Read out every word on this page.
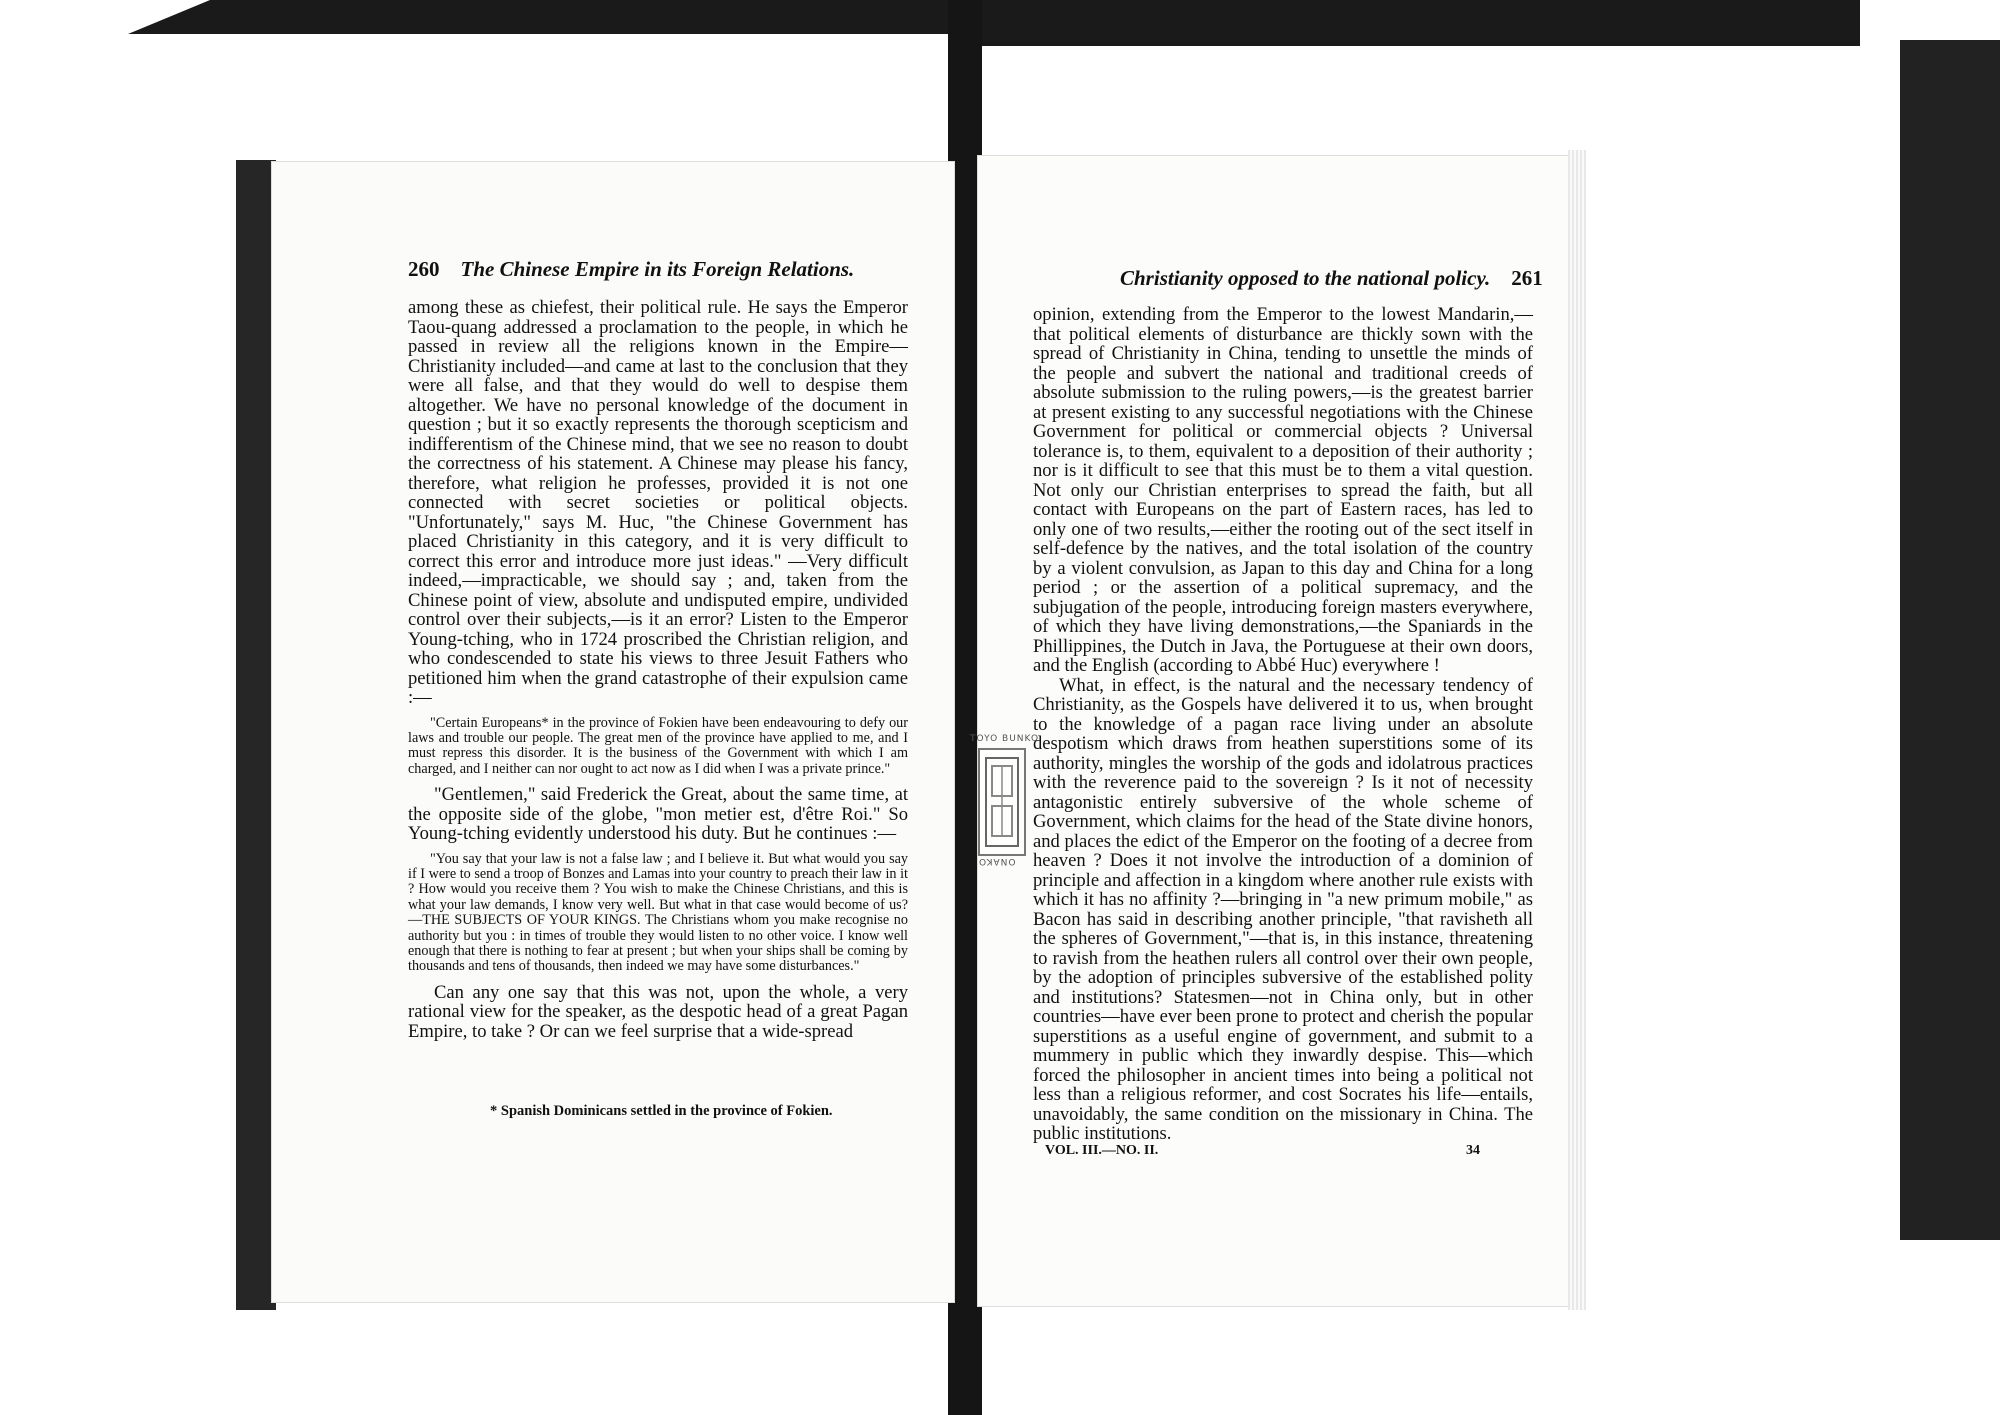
260 The Chinese Empire in its Foreign Relations.

among these as chiefest, their political rule. He says the Emperor Taou-quang addressed a proclamation to the people, in which he passed in review all the religions known in the Empire—Christianity included—and came at last to the conclusion that they were all false, and that they would do well to despise them altogether. We have no personal knowledge of the document in question ; but it so exactly represents the thorough scepticism and indifferentism of the Chinese mind, that we see no reason to doubt the correctness of his statement. A Chinese may please his fancy, therefore, what religion he professes, provided it is not one connected with secret societies or political objects. "Unfortunately," says M. Huc, "the Chinese Government has placed Christianity in this category, and it is very difficult to correct this error and introduce more just ideas." —Very difficult indeed,—impracticable, we should say ; and, taken from the Chinese point of view, absolute and undisputed empire, undivided control over their subjects,—is it an error? Listen to the Emperor Young-tching, who in 1724 proscribed the Christian religion, and who condescended to state his views to three Jesuit Fathers who petitioned him when the grand catastrophe of their expulsion came :—

"Certain Europeans* in the province of Fokien have been endeavouring to defy our laws and trouble our people. The great men of the province have applied to me, and I must repress this disorder. It is the business of the Government with which I am charged, and I neither can nor ought to act now as I did when I was a private prince."

"Gentlemen," said Frederick the Great, about the same time, at the opposite side of the globe, "mon metier est, d'être Roi." So Young-tching evidently understood his duty. But he continues :—

"You say that your law is not a false law ; and I believe it. But what would you say if I were to send a troop of Bonzes and Lamas into your country to preach their law in it ? How would you receive them ? You wish to make the Chinese Christians, and this is what your law demands, I know very well. But what in that case would become of us?—THE SUBJECTS OF YOUR KINGS. The Christians whom you make recognise no authority but you : in times of trouble they would listen to no other voice. I know well enough that there is nothing to fear at present ; but when your ships shall be coming by thousands and tens of thousands, then indeed we may have some disturbances."

Can any one say that this was not, upon the whole, a very rational view for the speaker, as the despotic head of a great Pagan Empire, to take ? Or can we feel surprise that a wide-spread

* Spanish Dominicans settled in the province of Fokien.
Christianity opposed to the national policy. 261

opinion, extending from the Emperor to the lowest Mandarin,—that political elements of disturbance are thickly sown with the spread of Christianity in China, tending to unsettle the minds of the people and subvert the national and traditional creeds of absolute submission to the ruling powers,—is the greatest barrier at present existing to any successful negotiations with the Chinese Government for political or commercial objects ? Universal tolerance is, to them, equivalent to a deposition of their authority ; nor is it difficult to see that this must be to them a vital question. Not only our Christian enterprises to spread the faith, but all contact with Europeans on the part of Eastern races, has led to only one of two results,—either the rooting out of the sect itself in self-defence by the natives, and the total isolation of the country by a violent convulsion, as Japan to this day and China for a long period ; or the assertion of a political supremacy, and the subjugation of the people, introducing foreign masters everywhere, of which they have living demonstrations,—the Spaniards in the Phillippines, the Dutch in Java, the Portuguese at their own doors, and the English (according to Abbé Huc) everywhere !

What, in effect, is the natural and the necessary tendency of Christianity, as the Gospels have delivered it to us, when brought to the knowledge of a pagan race living under an absolute despotism which draws from heathen superstitions some of its authority, mingles the worship of the gods and idolatrous practices with the reverence paid to the sovereign ? Is it not of necessity antagonistic entirely subversive of the whole scheme of Government, which claims for the head of the State divine honors, and places the edict of the Emperor on the footing of a decree from heaven ? Does it not involve the introduction of a dominion of principle and affection in a kingdom where another rule exists with which it has no affinity ?—bringing in "a new primum mobile," as Bacon has said in describing another principle, "that ravisheth all the spheres of Government,"—that is, in this instance, threatening to ravish from the heathen rulers all control over their own people, by the adoption of principles subversive of the established polity and institutions? Statesmen—not in China only, but in other countries—have ever been prone to protect and cherish the popular superstitions as a useful engine of government, and submit to a mummery in public which they inwardly despise. This—which forced the philosopher in ancient times into being a political not less than a religious reformer, and cost Socrates his life—entails, unavoidably, the same condition on the missionary in China. The public institutions.

VOL. III.—NO. II.	34
TOYO BUNKO
ONAKO
